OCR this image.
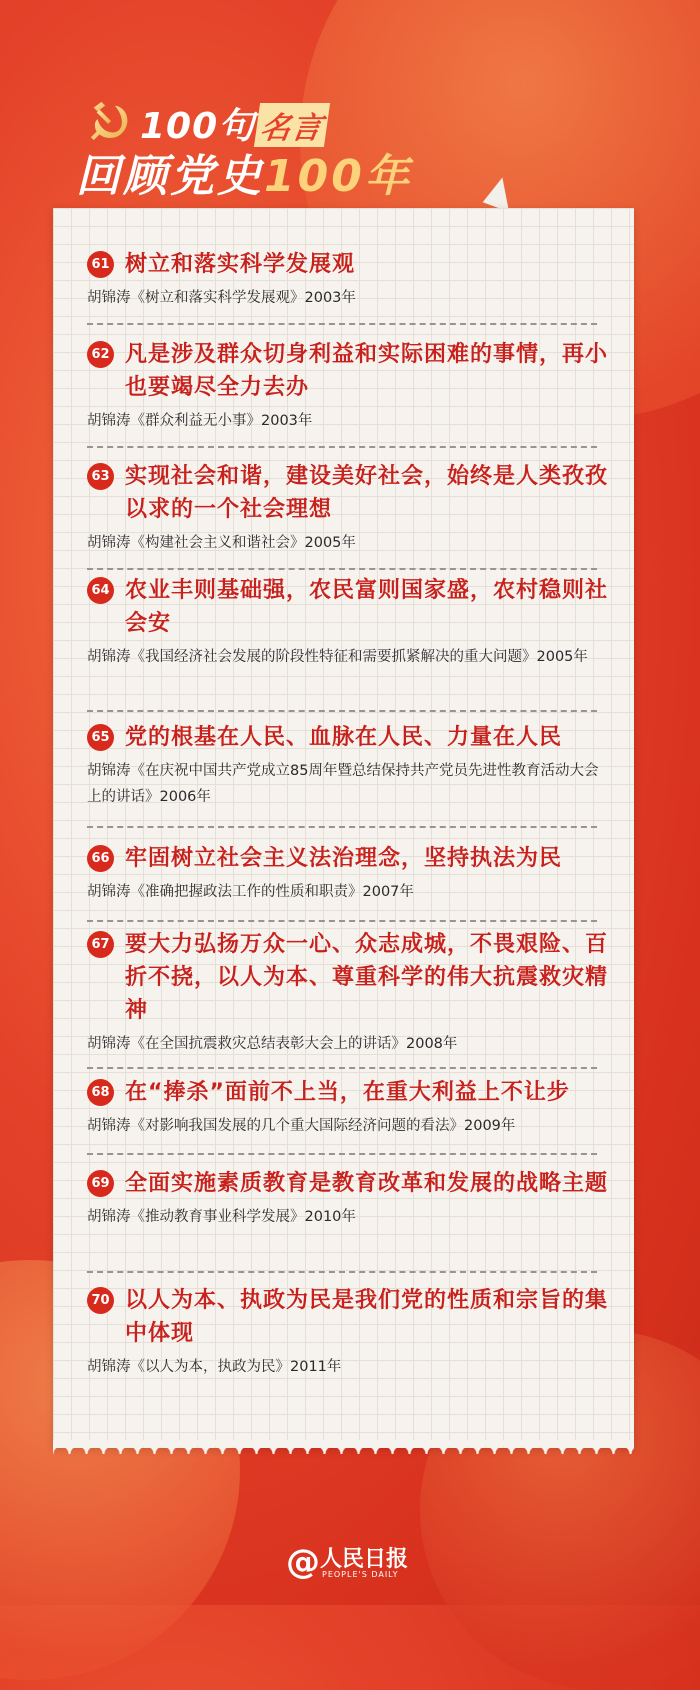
100句 名言
回顾党史100年
61 树立和落实科学发展观
胡锦涛《树立和落实科学发展观》2003年
62 凡是涉及群众切身利益和实际困难的事情，再小也要竭尽全力去办
胡锦涛《群众利益无小事》2003年
63 实现社会和谐，建设美好社会，始终是人类孜孜以求的一个社会理想
胡锦涛《构建社会主义和谐社会》2005年
64 农业丰则基础强，农民富则国家盛，农村稳则社会安
胡锦涛《我国经济社会发展的阶段性特征和需要抓紧解决的重大问题》2005年
65 党的根基在人民、血脉在人民、力量在人民
胡锦涛《在庆祝中国共产党成立85周年暨总结保持共产党员先进性教育活动大会上的讲话》2006年
66 牢固树立社会主义法治理念，坚持执法为民
胡锦涛《准确把握政法工作的性质和职责》2007年
67 要大力弘扬万众一心、众志成城，不畏艰险、百折不挠，以人为本、尊重科学的伟大抗震救灾精神
胡锦涛《在全国抗震救灾总结表彰大会上的讲话》2008年
68 在“捧杀”面前不上当，在重大利益上不让步
胡锦涛《对影响我国发展的几个重大国际经济问题的看法》2009年
69 全面实施素质教育是教育改革和发展的战略主题
胡锦涛《推动教育事业科学发展》2010年
70 以人为本、执政为民是我们党的性质和宗旨的集中体现
胡锦涛《以人为本，执政为民》2011年
@ 人民日报
PEOPLE'S DAILY
